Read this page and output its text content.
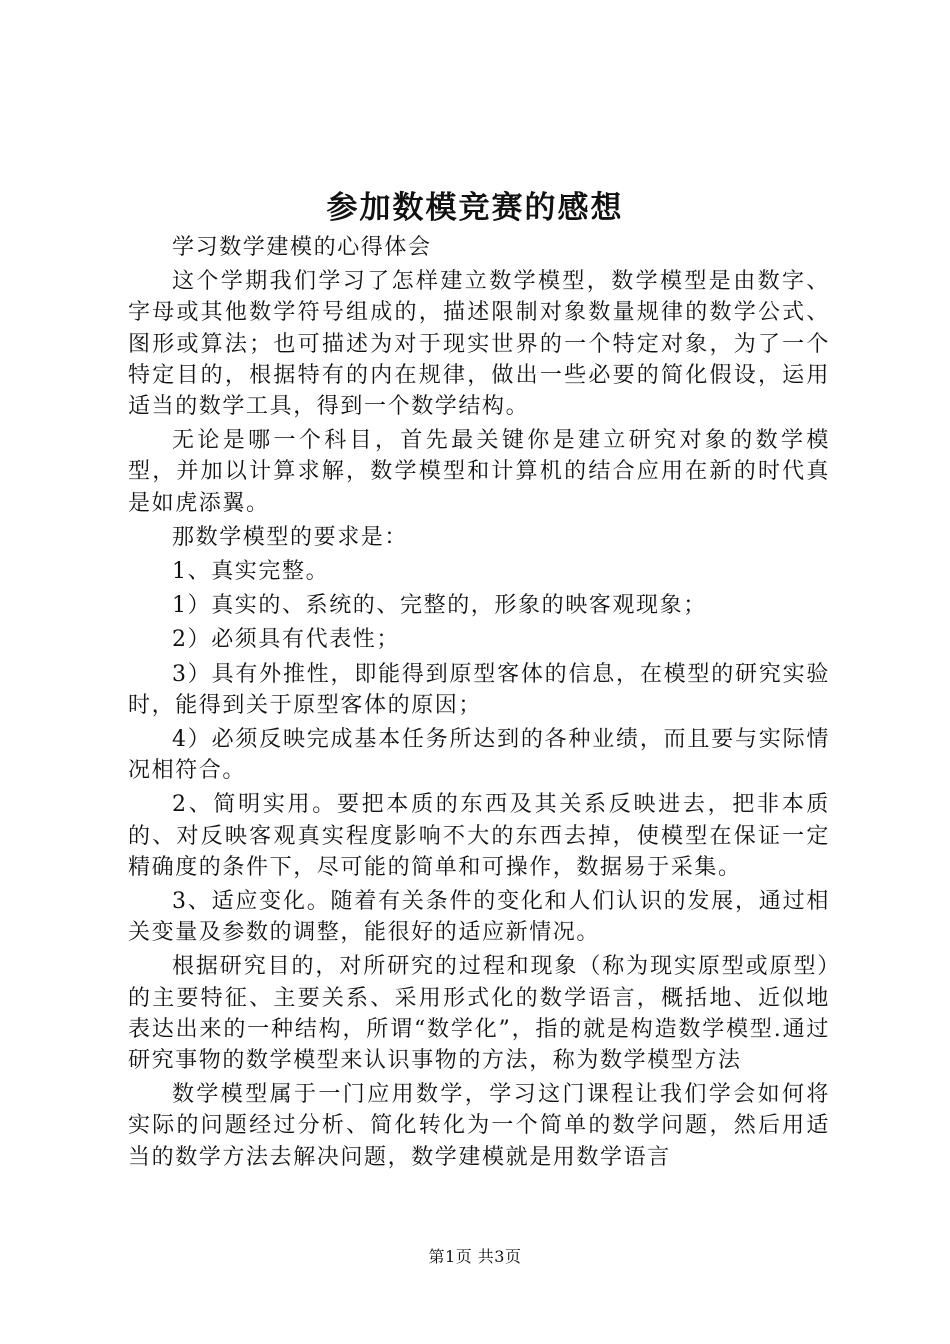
参加数模竞赛的感想

学习数学建模的心得体会

这个学期我们学习了怎样建立数学模型，数学模型是由数字、字母或其他数学符号组成的，描述限制对象数量规律的数学公式、图形或算法；也可描述为对于现实世界的一个特定对象，为了一个特定目的，根据特有的内在规律，做出一些必要的简化假设，运用适当的数学工具，得到一个数学结构。

无论是哪一个科目，首先最关键你是建立研究对象的数学模型，并加以计算求解，数学模型和计算机的结合应用在新的时代真是如虎添翼。

那数学模型的要求是：

1、真实完整。

1）真实的、系统的、完整的，形象的映客观现象；

2）必须具有代表性；

3）具有外推性，即能得到原型客体的信息，在模型的研究实验时，能得到关于原型客体的原因；

4）必须反映完成基本任务所达到的各种业绩，而且要与实际情况相符合。

2、简明实用。要把本质的东西及其关系反映进去，把非本质的、对反映客观真实程度影响不大的东西去掉，使模型在保证一定精确度的条件下，尽可能的简单和可操作，数据易于采集。

3、适应变化。随着有关条件的变化和人们认识的发展，通过相关变量及参数的调整，能很好的适应新情况。

根据研究目的，对所研究的过程和现象（称为现实原型或原型）的主要特征、主要关系、采用形式化的数学语言，概括地、近似地表达出来的一种结构，所谓“数学化”，指的就是构造数学模型.通过研究事物的数学模型来认识事物的方法，称为数学模型方法

数学模型属于一门应用数学，学习这门课程让我们学会如何将实际的问题经过分析、简化转化为一个简单的数学问题，然后用适当的数学方法去解决问题，数学建模就是用数学语言

第1页 共3页
